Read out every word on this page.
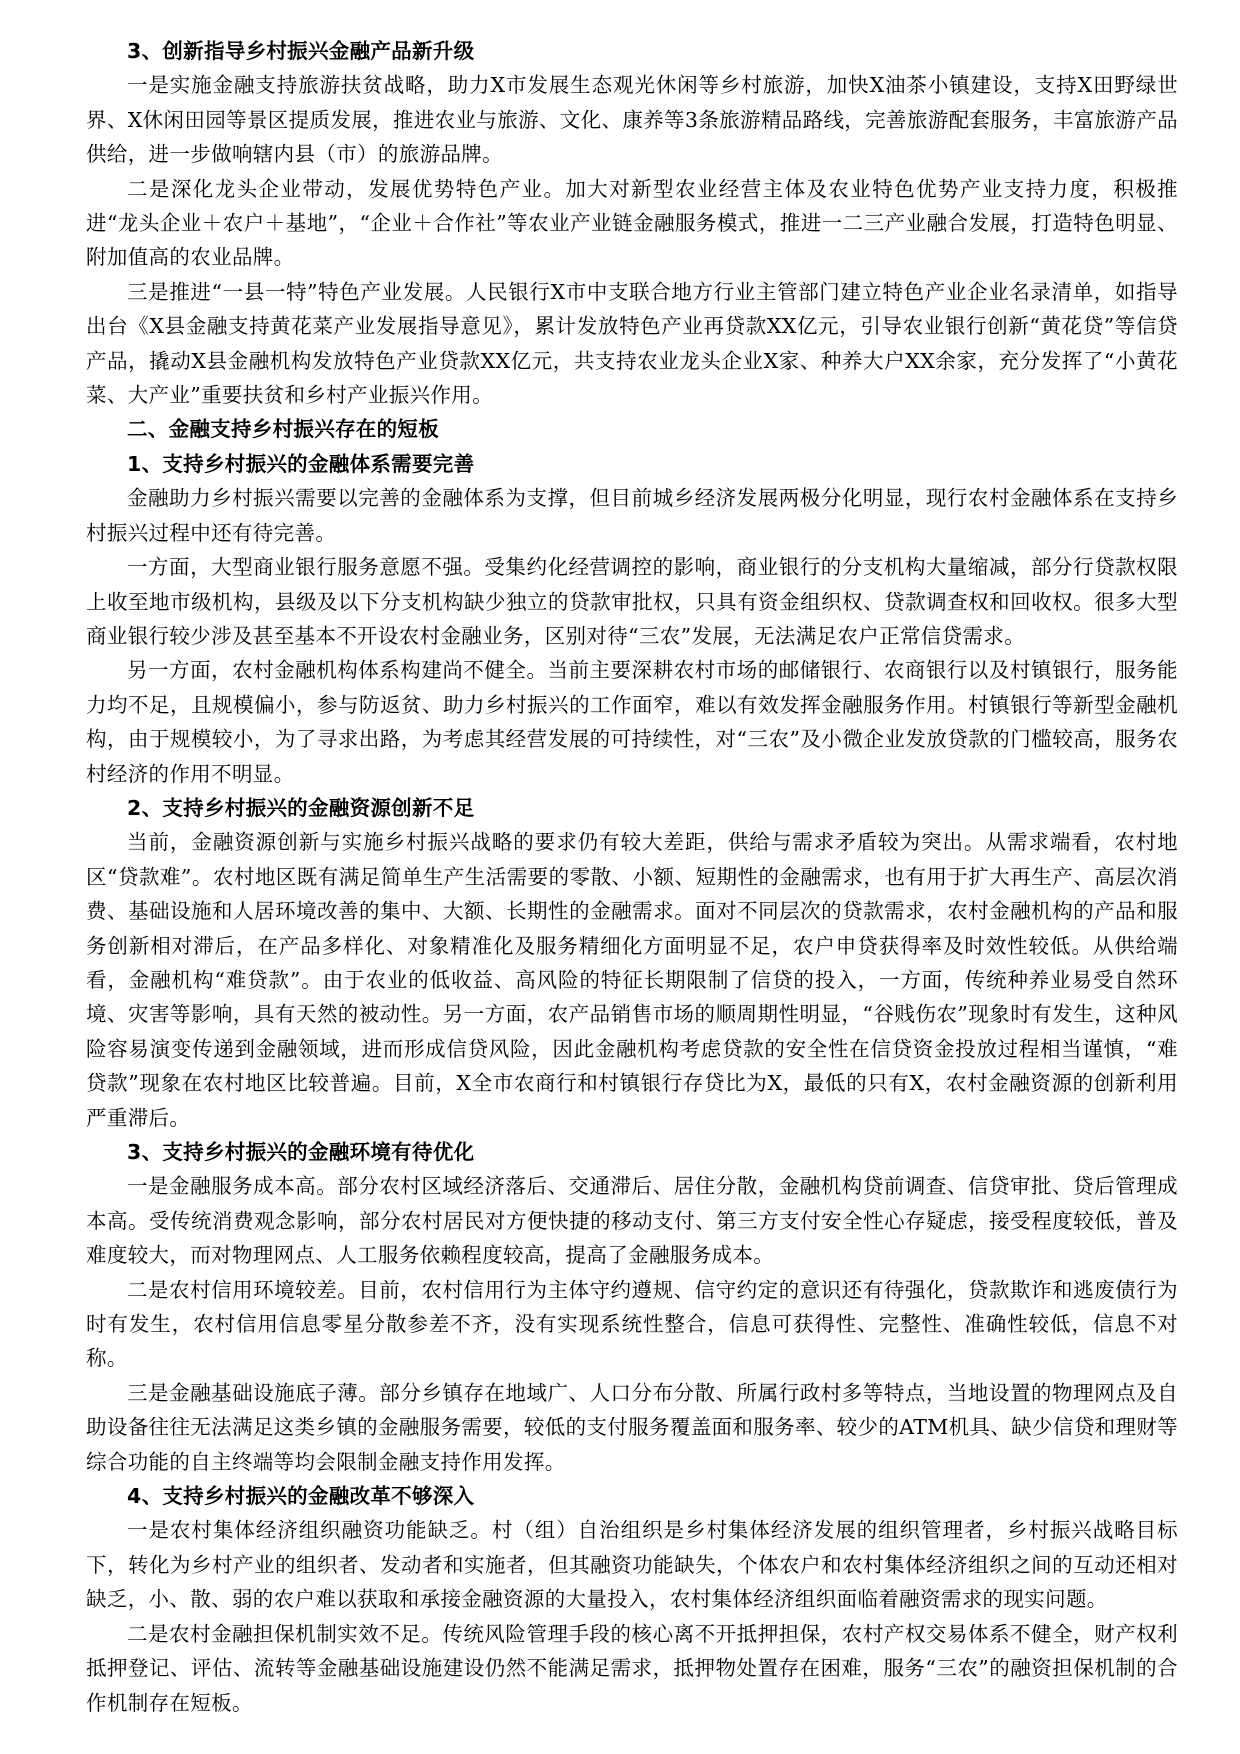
3、创新指导乡村振兴金融产品新升级

一是实施金融支持旅游扶贫战略，助力X市发展生态观光休闲等乡村旅游，加快X油茶小镇建设，支持X田野绿世界、X休闲田园等景区提质发展，推进农业与旅游、文化、康养等3条旅游精品路线，完善旅游配套服务，丰富旅游产品供给，进一步做响辖内县（市）的旅游品牌。

二是深化龙头企业带动，发展优势特色产业。加大对新型农业经营主体及农业特色优势产业支持力度，积极推进“龙头企业＋农户＋基地”，“企业＋合作社”等农业产业链金融服务模式，推进一二三产业融合发展，打造特色明显、附加值高的农业品牌。

三是推进“一县一特”特色产业发展。人民银行X市中支联合地方行业主管部门建立特色产业企业名录清单，如指导出台《X县金融支持黄花菜产业发展指导意见》，累计发放特色产业再贷款XX亿元，引导农业银行创新“黄花贷”等信贷产品，撬动X县金融机构发放特色产业贷款XX亿元，共支持农业龙头企业X家、种养大户XX余家，充分发挥了“小黄花菜、大产业”重要扶贫和乡村产业振兴作用。

二、金融支持乡村振兴存在的短板

1、支持乡村振兴的金融体系需要完善

金融助力乡村振兴需要以完善的金融体系为支撑，但目前城乡经济发展两极分化明显，现行农村金融体系在支持乡村振兴过程中还有待完善。

一方面，大型商业银行服务意愿不强。受集约化经营调控的影响，商业银行的分支机构大量缩减，部分行贷款权限上收至地市级机构，县级及以下分支机构缺少独立的贷款审批权，只具有资金组织权、贷款调查权和回收权。很多大型商业银行较少涉及甚至基本不开设农村金融业务，区别对待“三农”发展，无法满足农户正常信贷需求。

另一方面，农村金融机构体系构建尚不健全。当前主要深耕农村市场的邮储银行、农商银行以及村镇银行，服务能力均不足，且规模偏小，参与防返贫、助力乡村振兴的工作面窄，难以有效发挥金融服务作用。村镇银行等新型金融机构，由于规模较小，为了寻求出路，为考虑其经营发展的可持续性，对“三农”及小微企业发放贷款的门槛较高，服务农村经济的作用不明显。

2、支持乡村振兴的金融资源创新不足

当前，金融资源创新与实施乡村振兴战略的要求仍有较大差距，供给与需求矛盾较为突出。从需求端看，农村地区“贷款难”。农村地区既有满足简单生产生活需要的零散、小额、短期性的金融需求，也有用于扩大再生产、高层次消费、基础设施和人居环境改善的集中、大额、长期性的金融需求。面对不同层次的贷款需求，农村金融机构的产品和服务创新相对滞后，在产品多样化、对象精准化及服务精细化方面明显不足，农户申贷获得率及时效性较低。从供给端看，金融机构“难贷款”。由于农业的低收益、高风险的特征长期限制了信贷的投入，一方面，传统种养业易受自然环境、灾害等影响，具有天然的被动性。另一方面，农产品销售市场的顺周期性明显，“谷贱伤农”现象时有发生，这种风险容易演变传递到金融领域，进而形成信贷风险，因此金融机构考虑贷款的安全性在信贷资金投放过程相当谨慎，“难贷款”现象在农村地区比较普遍。目前，X全市农商行和村镇银行存贷比为X，最低的只有X，农村金融资源的创新利用严重滞后。

3、支持乡村振兴的金融环境有待优化

一是金融服务成本高。部分农村区域经济落后、交通滞后、居住分散，金融机构贷前调查、信贷审批、贷后管理成本高。受传统消费观念影响，部分农村居民对方便快捷的移动支付、第三方支付安全性心存疑虑，接受程度较低，普及难度较大，而对物理网点、人工服务依赖程度较高，提高了金融服务成本。

二是农村信用环境较差。目前，农村信用行为主体守约遵规、信守约定的意识还有待强化，贷款欺诈和逃废债行为时有发生，农村信用信息零星分散参差不齐，没有实现系统性整合，信息可获得性、完整性、准确性较低，信息不对称。

三是金融基础设施底子薄。部分乡镇存在地域广、人口分布分散、所属行政村多等特点，当地设置的物理网点及自助设备往往无法满足这类乡镇的金融服务需要，较低的支付服务覆盖面和服务率、较少的ATM机具、缺少信贷和理财等综合功能的自主终端等均会限制金融支持作用发挥。

4、支持乡村振兴的金融改革不够深入

一是农村集体经济组织融资功能缺乏。村（组）自治组织是乡村集体经济发展的组织管理者，乡村振兴战略目标下，转化为乡村产业的组织者、发动者和实施者，但其融资功能缺失，个体农户和农村集体经济组织之间的互动还相对缺乏，小、散、弱的农户难以获取和承接金融资源的大量投入，农村集体经济组织面临着融资需求的现实问题。

二是农村金融担保机制实效不足。传统风险管理手段的核心离不开抵押担保，农村产权交易体系不健全，财产权利抵押登记、评估、流转等金融基础设施建设仍然不能满足需求，抵押物处置存在困难，服务“三农”的融资担保机制的合作机制存在短板。
